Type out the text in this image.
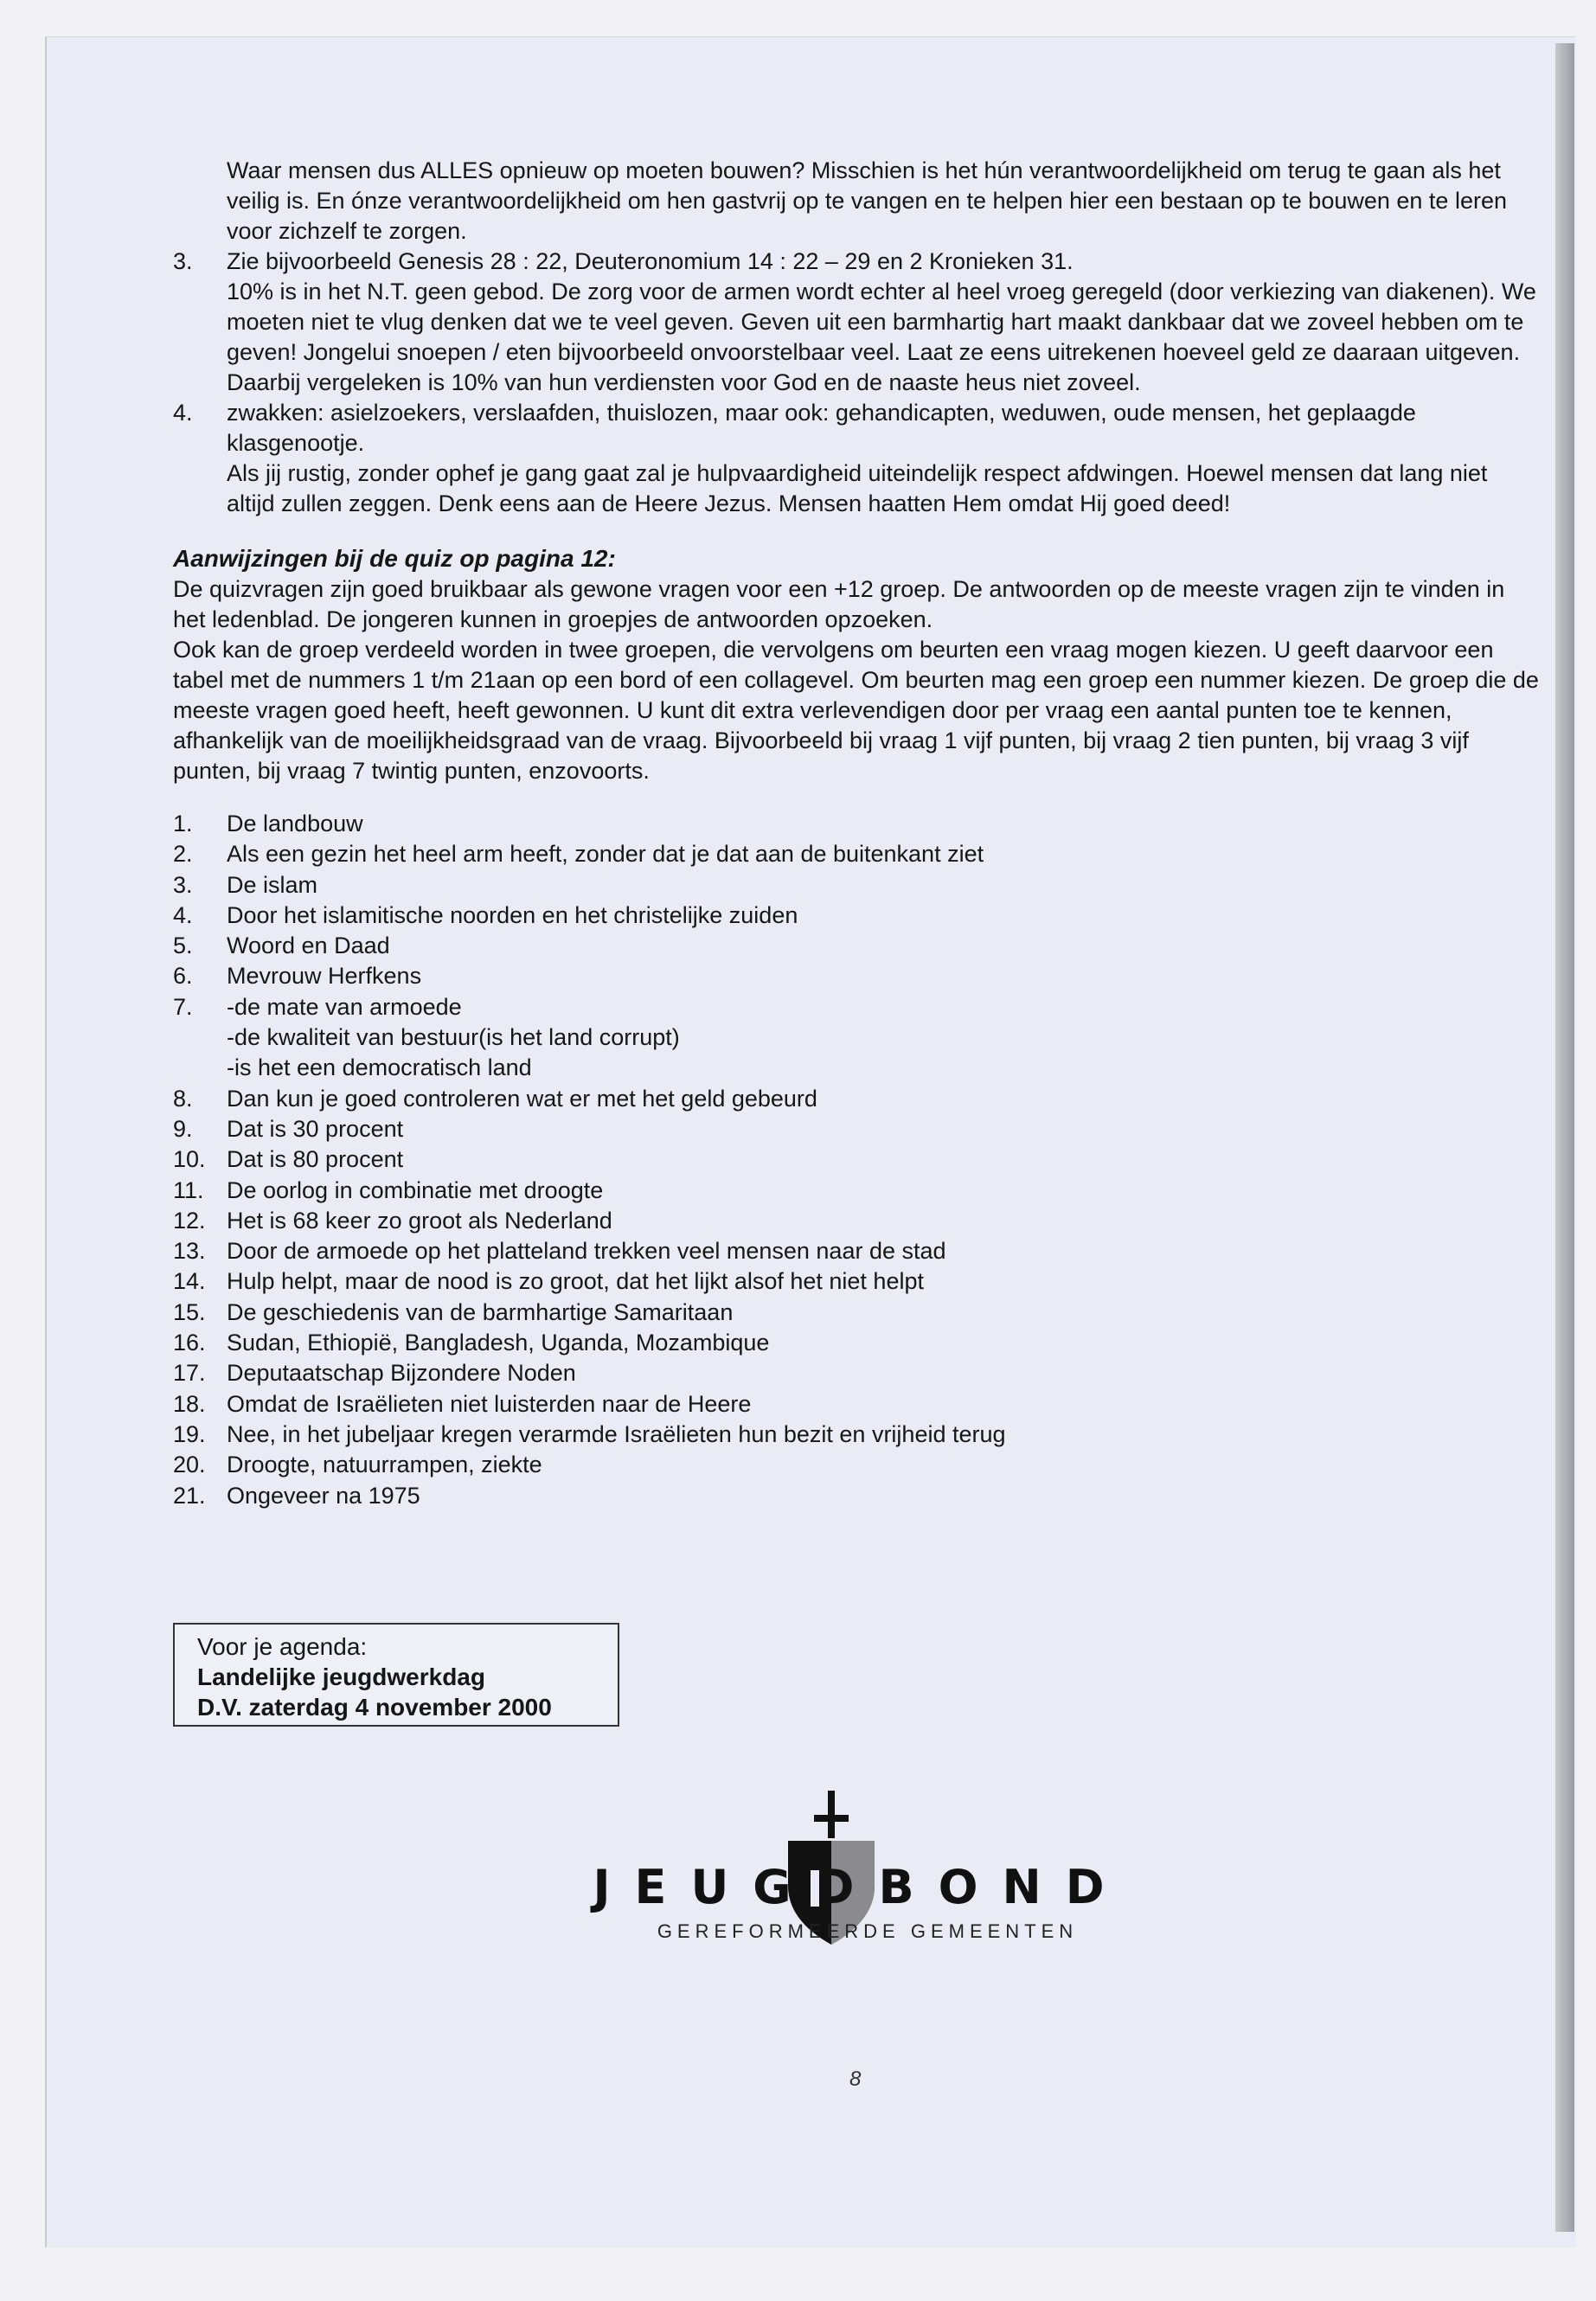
Waar mensen dus ALLES opnieuw op moeten bouwen? Misschien is het hún verantwoordelijkheid om terug te gaan als het veilig is. En ónze verantwoordelijkheid om hen gastvrij op te vangen en te helpen hier een bestaan op te bouwen en te leren voor zichzelf te zorgen.

3.	Zie bijvoorbeeld Genesis 28 : 22, Deuteronomium 14 : 22 – 29 en 2 Kronieken 31.

10% is in het N.T. geen gebod. De zorg voor de armen wordt echter al heel vroeg geregeld (door verkiezing van diakenen). We moeten niet te vlug denken dat we te veel geven. Geven uit een barmhartig hart maakt dankbaar dat we zoveel hebben om te geven! Jongelui snoepen / eten bijvoorbeeld onvoorstelbaar veel. Laat ze eens uitrekenen hoeveel geld ze daaraan uitgeven. Daarbij vergeleken is 10% van hun verdiensten voor God en de naaste heus niet zoveel.

4.	zwakken: asielzoekers, verslaafden, thuislozen, maar ook: gehandicapten, weduwen, oude mensen, het geplaagde klasgenootje.

Als jij rustig, zonder ophef je gang gaat zal je hulpvaardigheid uiteindelijk respect afdwingen. Hoewel mensen dat lang niet altijd zullen zeggen. Denk eens aan de Heere Jezus. Mensen haatten Hem omdat Hij goed deed!

Aanwijzingen bij de quiz op pagina 12:

De quizvragen zijn goed bruikbaar als gewone vragen voor een +12 groep. De antwoorden op de meeste vragen zijn te vinden in het ledenblad. De jongeren kunnen in groepjes de antwoorden opzoeken.

Ook kan de groep verdeeld worden in twee groepen, die vervolgens om beurten een vraag mogen kiezen. U geeft daarvoor een tabel met de nummers 1 t/m 21aan op een bord of een collagevel. Om beurten mag een groep een nummer kiezen. De groep die de meeste vragen goed heeft, heeft gewonnen. U kunt dit extra verlevendigen door per vraag een aantal punten toe te kennen, afhankelijk van de moeilijkheidsgraad van de vraag. Bijvoorbeeld bij vraag 1 vijf punten, bij vraag 2 tien punten, bij vraag 3 vijf punten, bij vraag 7 twintig punten, enzovoorts.

1.	De landbouw
2.	Als een gezin het heel arm heeft, zonder dat je dat aan de buitenkant ziet
3.	De islam
4.	Door het islamitische noorden en het christelijke zuiden
5.	Woord en Daad
6.	Mevrouw Herfkens
7.	-de mate van armoede
-de kwaliteit van bestuur(is het land corrupt)
-is het een democratisch land
8.	Dan kun je goed controleren wat er met het geld gebeurd
9.	Dat is 30 procent
10. Dat is 80 procent
11. De oorlog in combinatie met droogte
12. Het is 68 keer zo groot als Nederland
13. Door de armoede op het platteland trekken veel mensen naar de stad
14. Hulp helpt, maar de nood is zo groot, dat het lijkt alsof het niet helpt
15. De geschiedenis van de barmhartige Samaritaan
16. Sudan, Ethiopië, Bangladesh, Uganda, Mozambique
17. Deputaatschap Bijzondere Noden
18. Omdat de Israëlieten niet luisterden naar de Heere
19. Nee, in het jubeljaar kregen verarmde Israëlieten hun bezit en vrijheid terug
20. Droogte, natuurrampen, ziekte
21. Ongeveer na 1975

Voor je agenda:

Landelijke jeugdwerkdag

D.V. zaterdag 4 november 2000

JEUGDBOND
GEREFORMEERDE GEMEENTEN
8
